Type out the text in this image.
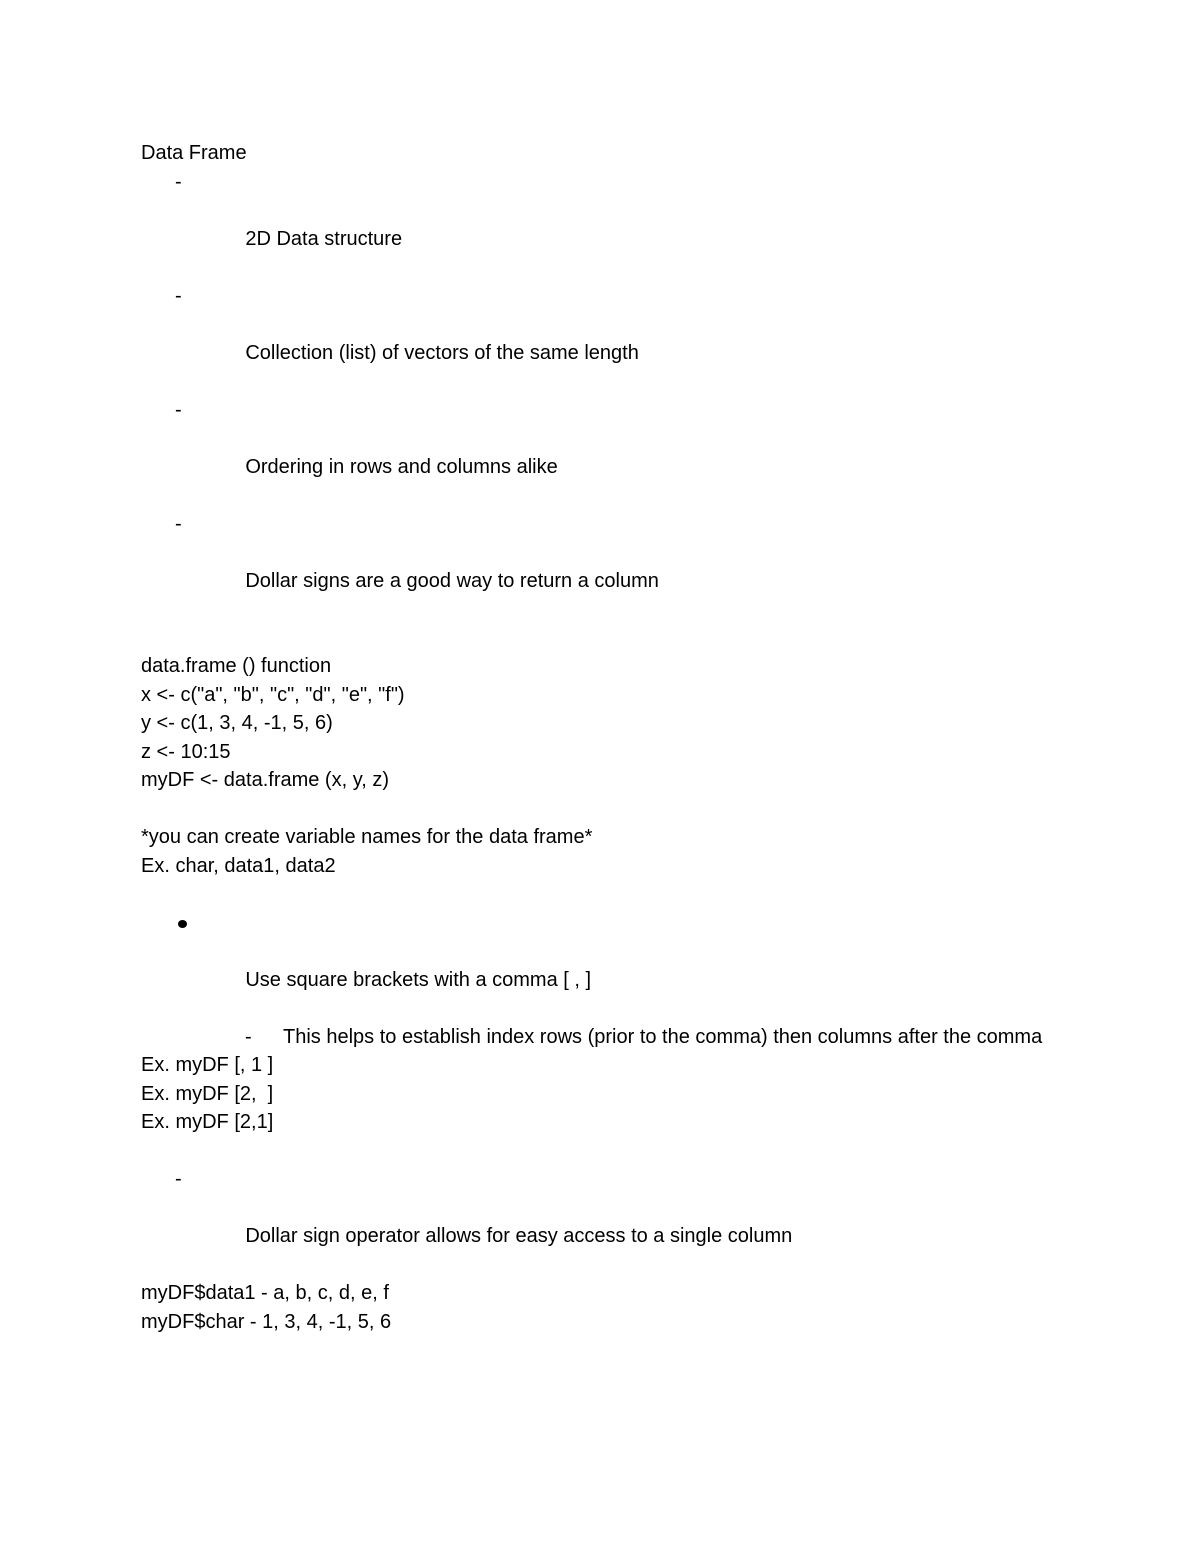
Data Frame

-

2D Data structure

-

Collection (list) of vectors of the same length

-

Ordering in rows and columns alike

-

Dollar signs are a good way to return a column

data.frame () function
x <- c("a", "b", "c", "d", "e", "f")
y <- c(1, 3, 4, -1, 5, 6)
z <- 10:15
myDF <- data.frame (x, y, z)
*you can create variable names for the data frame*
Ex. char, data1, data2

Use square brackets with a comma [ , ]

- This helps to establish index rows (prior to the comma) then columns after the comma
Ex. myDF [, 1 ]
Ex. myDF [2,  ]
Ex. myDF [2,1]

-

Dollar sign operator allows for easy access to a single column

myDF$data1 - a, b, c, d, e, f
myDF$char - 1, 3, 4, -1, 5, 6
